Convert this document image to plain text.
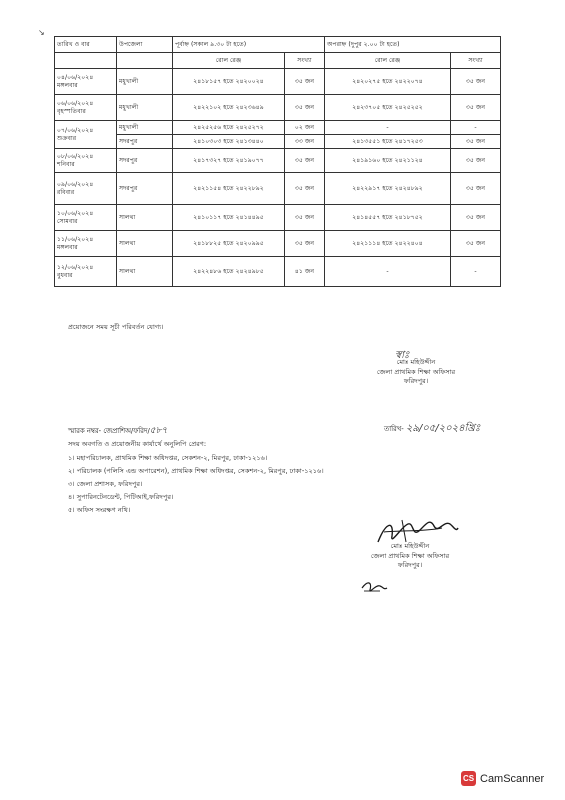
↘
তারিখ ও বার	উপজেলা	পূর্বাহ্ন (সকাল ৯.৩০ টা হতে)		অপরাহ্ন (দুপুর ২.০০ টা হতে)	
		রোল রেঞ্জ	সংখ্যা	রোল রেঞ্জ	সংখ্যা

০৪/০৬/২০২৪
মঙ্গলবার	মধুখালী	২৪১৮১৫৭ হতে ২৪২০০২৪	৩৫ জন	২৪২০২৭৫ হতে ২৪২২০৭৪	৩৫ জন

০৬/০৬/২০২৪
বৃহস্পতিবার	মধুখালী	২৪২২১০২ হতে ২৪২৩৬৪৯	৩৫ জন	২৪২৩৭০৫ হতে ২৪২৫২৫২	৩৫ জন

০৭/০৬/২০২৪
শুক্রবার	মধুখালী	২৪২৫২৫৬ হতে ২৪২৫২৭২	০২ জন	-	-
	সদরপুর	২৪১০৩০৩ হতে ২৪১৩৪৪০	৩৩ জন	২৪১৩৫৫১ হতে ২৪১৭২৫৩	৩৫ জন

০৮/০৬/২০২৪
শনিবার	সদরপুর	২৪১৭৩২৭ হতে ২৪১৯০৭৭	৩৫ জন	২৪১৯১৬০ হতে ২৪২১১২৪	৩৫ জন

০৯/০৬/২০২৪
রবিবার	সদরপুর	২৪২১১৫৪ হতে ২৪২২৮৯২	৩৫ জন	২৪২২৯১৭ হতে ২৪২৪৮৯২	৩৫ জন

১০/০৬/২০২৪
সোমবার	সালথা	২৪১০১১৭ হতে ২৪১৪৪৯৫	৩৫ জন	২৪১৪৫৫৭ হতে ২৪১৮৭৫২	৩৫ জন

১১/০৬/২০২৪
মঙ্গলবার	সালথা	২৪১৮৮২৫ হতে ২৪২০৯৯৫	৩৫ জন	২৪২১১১৪ হতে ২৪২২৪০৪	৩৫ জন

১২/০৬/২০২৪
বুধবার	সালথা	২৪২২৪৮৬ হতে ২৪২৪৯৮৫	৪১ জন	-	-
প্রয়োজনে সময় সূচী পরিবর্তন যোগ্য।
স্বাঃ
মোঃ মহিউদ্দীন
জেলা প্রাথমিক শিক্ষা অফিসার
ফরিদপুর।
স্মারক নম্বর- জেপ্রাশিঅ/ফরিদ/৫৮৭	তারিখ- ২৯/০৫/২০২৪খ্রিঃ
সদয় অবগতি ও প্রয়োজনীয় কার্যার্থে অনুলিপি প্রেরণ:
১। মহাপরিচালক, প্রাথমিক শিক্ষা অধিদপ্তর, সেকশন-২, মিরপুর, ঢাকা-১২১৬।
২। পরিচালক (পলিসি এন্ড অপারেশন), প্রাথমিক শিক্ষা অধিদপ্তর, সেকশন-২, মিরপুর, ঢাকা-১২১৬।
৩। জেলা প্রশাসক, ফরিদপুর।
৪। সুপারিনটেনডেন্ট, পিটিআই,ফরিদপুর।
৫। অফিস সংরক্ষণ নথি।
মোঃ মহিউদ্দীন
জেলা প্রাথমিক শিক্ষা অফিসার
ফরিদপুর।
CS CamScanner
